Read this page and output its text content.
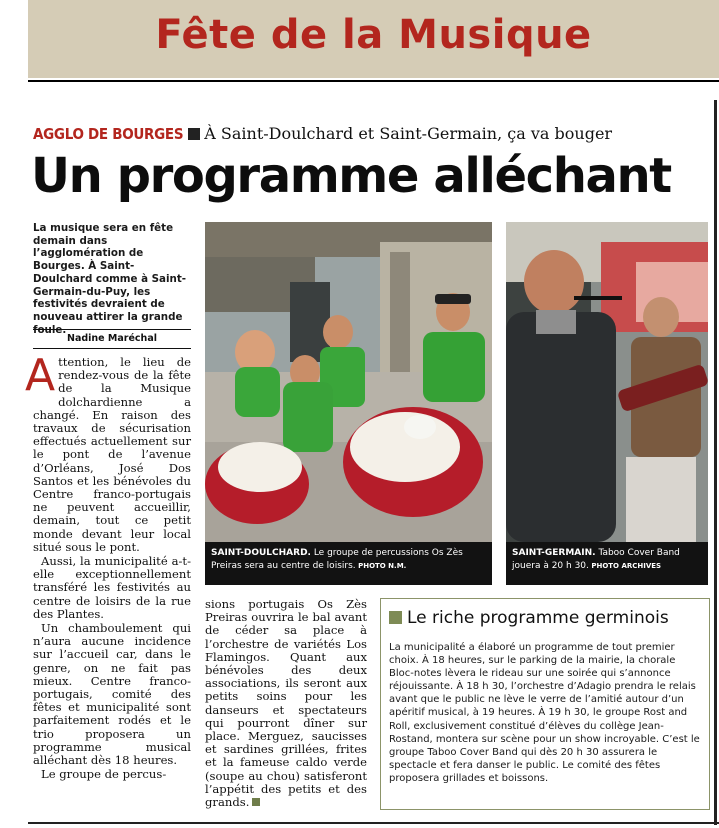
Fête de la Musique
AGGLO DE BOURGES À Saint-Doulchard et Saint-Germain, ça va bouger
Un programme alléchant
La musique sera en fête demain dans l’agglomération de Bourges. À Saint-Doulchard comme à Saint-Germain-du-Puy, les festivités devraient de nouveau attirer la grande
Nadine Maréchal

Attention, le lieu de rendez-vous de la fête de la Musique dolchardienne a changé. En raison des travaux de sécurisation effectués actuellement sur le pont de l’avenue d’Orléans, José Dos Santos et les bénévoles du Centre franco-portugais ne peuvent accueillir, demain, tout ce petit monde devant leur local situé sous le pont.

Aussi, la municipalité a-t-elle exceptionnellement transféré les festivités au centre de loisirs de la rue des Plantes.

Un chamboulement qui n’aura aucune incidence sur l’accueil car, dans le genre, on ne fait pas mieux. Centre franco-portugais, comité des fêtes et municipalité sont parfaitement rodés et le trio proposera un programme musical alléchant dès 18 heures.

Le groupe de percus-

SAINT-DOULCHARD. Le groupe de percussions Os Zès Preiras sera au centre de loisirs. PHOTO N.M.
SAINT-GERMAIN. Taboo Cover Band jouera à 20 h 30. PHOTO ARCHIVES
sions portugais Os Zès Preiras ouvrira le bal avant de céder sa place à l’orchestre de variétés Los Flamingos. Quant aux bénévoles des deux associations, ils seront aux petits soins pour les danseurs et spectateurs qui pourront dîner sur place. Merguez, saucisses et sardines grillées, frites et la fameuse caldo verde (soupe au chou) satisferont l’appétit des petits et des grands.
Le riche programme germinois
La municipalité a élaboré un programme de tout premier choix. À 18 heures, sur le parking de la mairie, la chorale Bloc-notes lèvera le rideau sur une soirée qui s’annonce réjouissante. À 18 h 30, l’orchestre d’Adagio prendra le relais avant que le public ne lève le verre de l’amitié autour d’un apéritif musical, à 19 heures. À 19 h 30, le groupe Rost and Roll, exclusivement constitué d’élèves du collège Jean-Rostand, montera sur scène pour un show incroyable. C’est le groupe Taboo Cover Band qui dès 20 h 30 assurera le spectacle et fera danser le public. Le comité des fêtes proposera grillades et boissons.
